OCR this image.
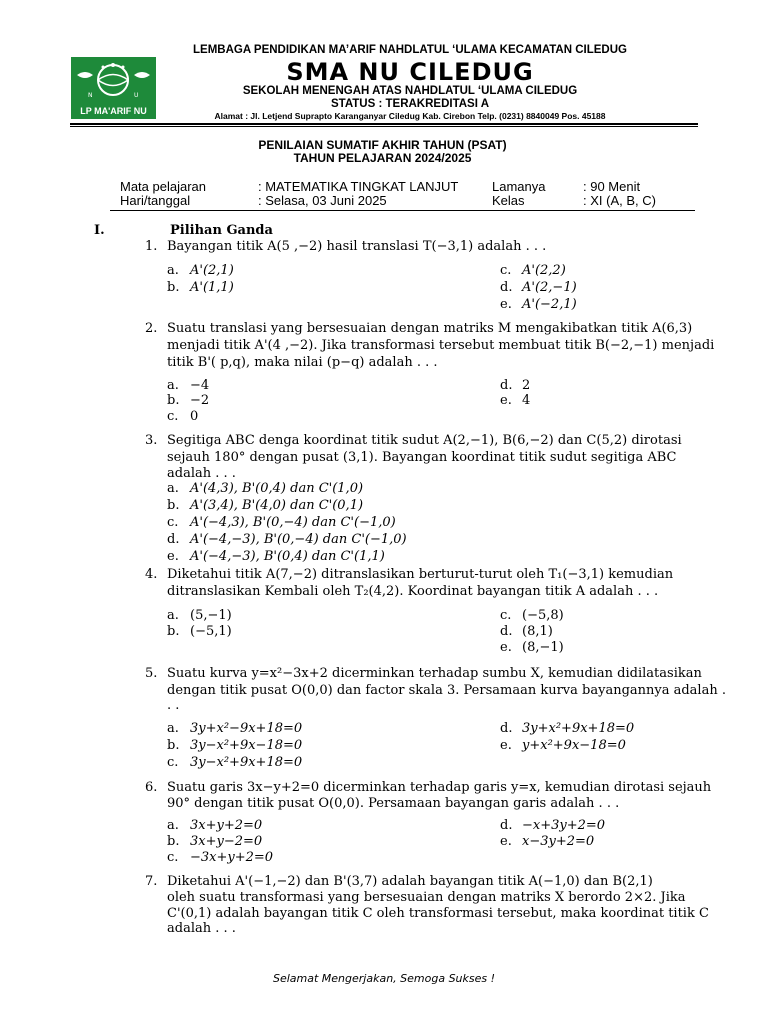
N	U
LP MA'ARIF NU
LEMBAGA PENDIDIKAN MA’ARIF NAHDLATUL ‘ULAMA KECAMATAN CILEDUG
SMA NU CILEDUG
SEKOLAH MENENGAH ATAS NAHDLATUL ‘ULAMA CILEDUG
STATUS : TERAKREDITASI A
Alamat : Jl. Letjend Suprapto Karanganyar Ciledug Kab. Cirebon Telp. (0231) 8840049 Pos. 45188
PENILAIAN SUMATIF AKHIR TAHUN (PSAT)
TAHUN PELAJARAN 2024/2025
Mata pelajaran	: MATEMATIKA TINGKAT LANJUT	Lamanya	: 90 Menit
Hari/tanggal	: Selasa, 03 Juni 2025	Kelas	: XI (A, B, C)
I.	Pilihan Ganda
1. Bayangan titik A(5 ,−2) hasil translasi T(−3,1) adalah . . .
a. A'(2,1)
b. A'(1,1)
c. A'(2,2)
d. A'(2,−1)
e. A'(−2,1)
2. Suatu translasi yang bersesuaian dengan matriks M mengakibatkan titik A(6,3)
menjadi titik A'(4 ,−2). Jika transformasi tersebut membuat titik B(−2,−1) menjadi
titik B'( p,q), maka nilai (p−q) adalah . . .
a. −4
b. −2
c. 0
d. 2
e. 4
3. Segitiga ABC denga koordinat titik sudut A(2,−1), B(6,−2) dan C(5,2) dirotasi
sejauh 180° dengan pusat (3,1). Bayangan koordinat titik sudut segitiga ABC
adalah . . .
a. A'(4,3), B'(0,4) dan C'(1,0)
b. A'(3,4), B'(4,0) dan C'(0,1)
c. A'(−4,3), B'(0,−4) dan C'(−1,0)
d. A'(−4,−3), B'(0,−4) dan C'(−1,0)
e. A'(−4,−3), B'(0,4) dan C'(1,1)
4. Diketahui titik A(7,−2) ditranslasikan berturut-turut oleh T₁(−3,1) kemudian
ditranslasikan Kembali oleh T₂(4,2). Koordinat bayangan titik A adalah . . .
a. (5,−1)
b. (−5,1)
c. (−5,8)
d. (8,1)
e. (8,−1)
5. Suatu kurva y=x²−3x+2 dicerminkan terhadap sumbu X, kemudian didilatasikan
dengan titik pusat O(0,0) dan factor skala 3. Persamaan kurva bayangannya adalah .
. .
a. 3y+x²−9x+18=0
b. 3y−x²+9x−18=0
c. 3y−x²+9x+18=0
d. 3y+x²+9x+18=0
e. y+x²+9x−18=0
6. Suatu garis 3x−y+2=0 dicerminkan terhadap garis y=x, kemudian dirotasi sejauh
90° dengan titik pusat O(0,0). Persamaan bayangan garis adalah . . .
a. 3x+y+2=0
b. 3x+y−2=0
c. −3x+y+2=0
d. −x+3y+2=0
e. x−3y+2=0
7. Diketahui A'(−1,−2) dan B'(3,7) adalah bayangan titik A(−1,0) dan B(2,1)
oleh suatu transformasi yang bersesuaian dengan matriks X berordo 2×2. Jika
C'(0,1) adalah bayangan titik C oleh transformasi tersebut, maka koordinat titik C
adalah . . .
Selamat Mengerjakan, Semoga Sukses !
